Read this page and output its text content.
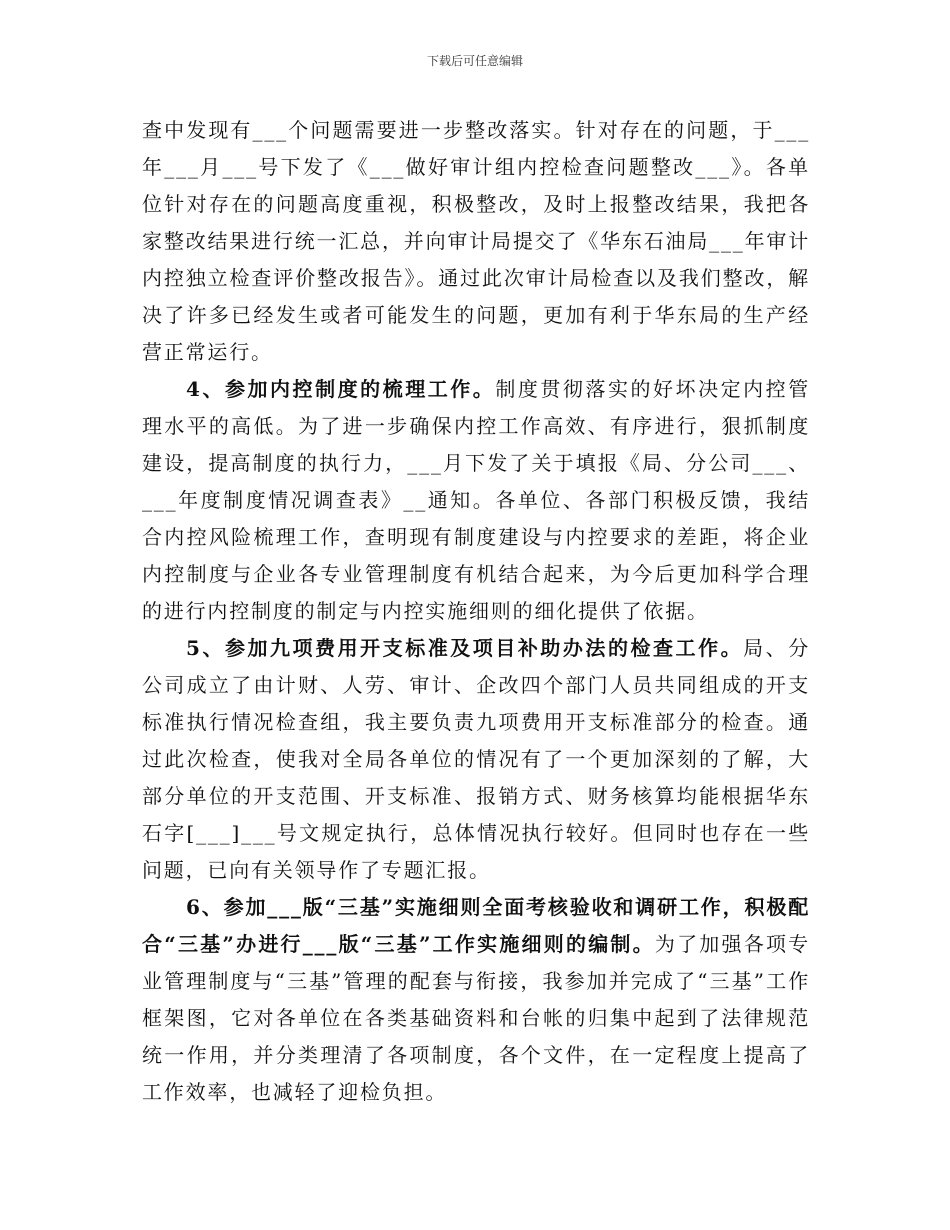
下载后可任意编辑

查中发现有___个问题需要进一步整改落实。针对存在的问题，于___年___月___号下发了《___做好审计组内控检查问题整改___》。各单位针对存在的问题高度重视，积极整改，及时上报整改结果，我把各家整改结果进行统一汇总，并向审计局提交了《华东石油局___年审计内控独立检查评价整改报告》。通过此次审计局检查以及我们整改，解决了许多已经发生或者可能发生的问题，更加有利于华东局的生产经营正常运行。

4、参加内控制度的梳理工作。制度贯彻落实的好坏决定内控管理水平的高低。为了进一步确保内控工作高效、有序进行，狠抓制度建设，提高制度的执行力，___月下发了关于填报《局、分公司___、___年度制度情况调查表》__通知。各单位、各部门积极反馈，我结合内控风险梳理工作，查明现有制度建设与内控要求的差距，将企业内控制度与企业各专业管理制度有机结合起来，为今后更加科学合理的进行内控制度的制定与内控实施细则的细化提供了依据。

5、参加九项费用开支标准及项目补助办法的检查工作。局、分公司成立了由计财、人劳、审计、企改四个部门人员共同组成的开支标准执行情况检查组，我主要负责九项费用开支标准部分的检查。通过此次检查，使我对全局各单位的情况有了一个更加深刻的了解，大部分单位的开支范围、开支标准、报销方式、财务核算均能根据华东石字[___]___号文规定执行，总体情况执行较好。但同时也存在一些问题，已向有关领导作了专题汇报。

6、参加___版“三基”实施细则全面考核验收和调研工作，积极配合“三基”办进行___版“三基”工作实施细则的编制。为了加强各项专业管理制度与“三基”管理的配套与衔接，我参加并完成了“三基”工作框架图，它对各单位在各类基础资料和台帐的归集中起到了法律规范统一作用，并分类理清了各项制度，各个文件，在一定程度上提高了工作效率，也减轻了迎检负担。
